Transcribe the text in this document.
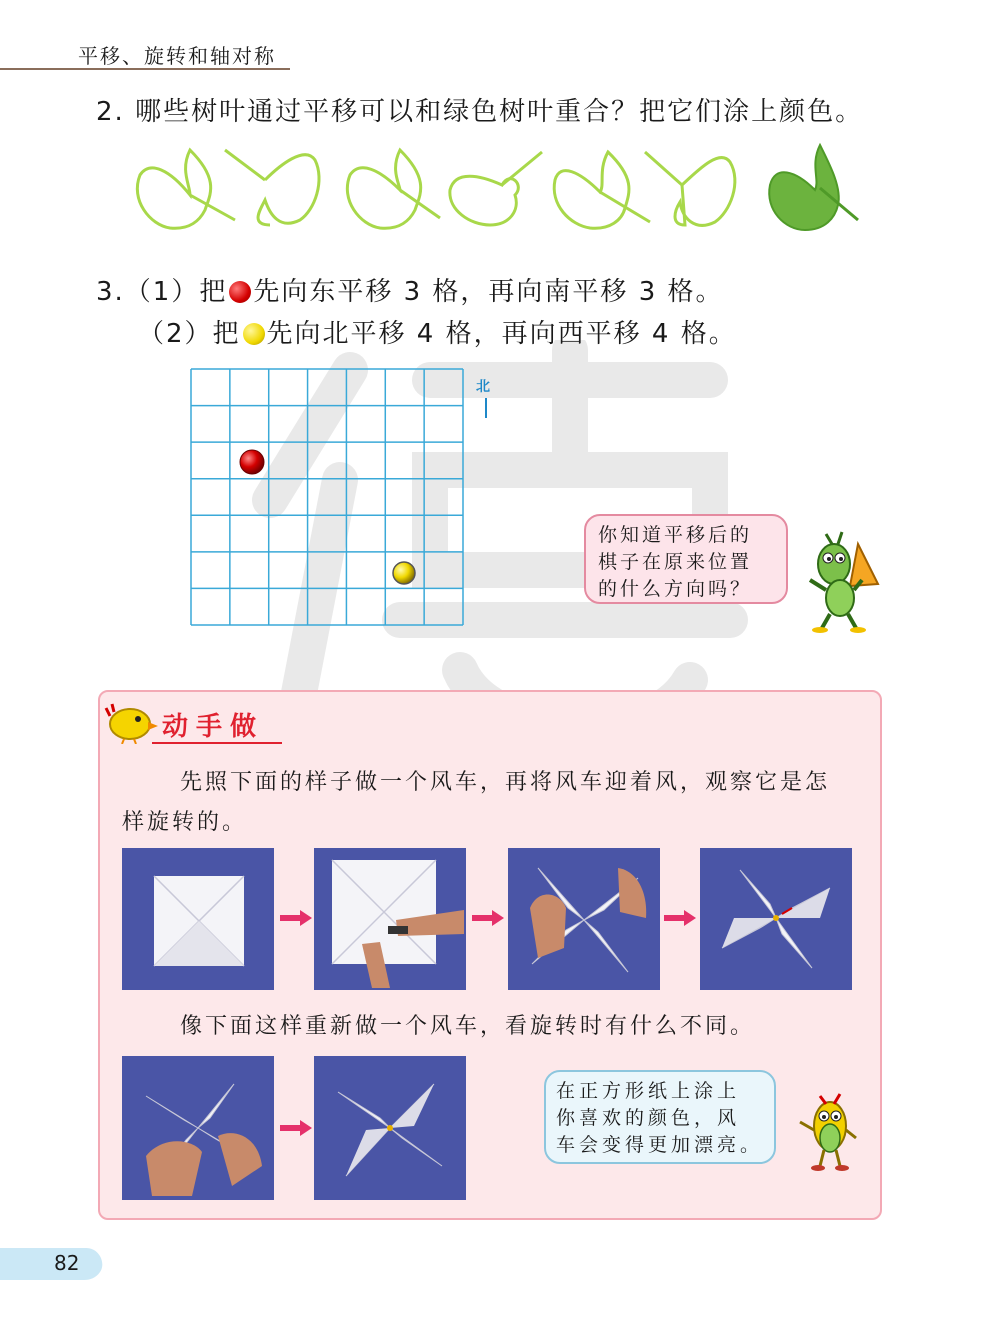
平移、旋转和轴对称
2. 哪些树叶通过平移可以和绿色树叶重合？把它们涂上颜色。
3.（1）把 先向东平移 3 格，再向南平移 3 格。
（2）把 先向北平移 4 格，再向西平移 4 格。
北
你知道平移后的
棋子在原来位置
的什么方向吗？
动手做
先照下面的样子做一个风车，再将风车迎着风，观察它是怎
样旋转的。
像下面这样重新做一个风车，看旋转时有什么不同。
在正方形纸上涂上
你喜欢的颜色，风
车会变得更加漂亮。
82
